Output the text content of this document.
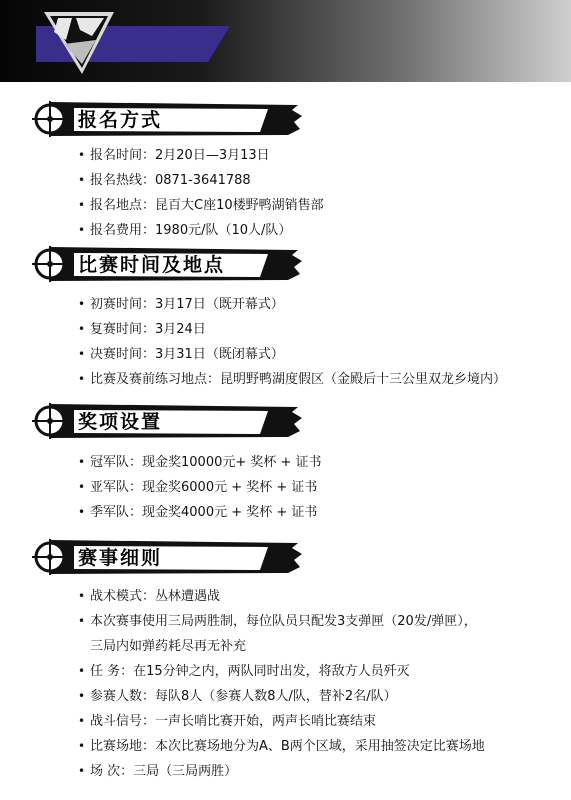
报名方式
• 报名时间：2月20日—3月13日
• 报名热线：0871-3641788
• 报名地点：昆百大C座10楼野鸭湖销售部
• 报名费用：1980元/队（10人/队）
比赛时间及地点
• 初赛时间：3月17日（既开幕式）
• 复赛时间：3月24日
• 决赛时间：3月31日（既闭幕式）
• 比赛及赛前练习地点：昆明野鸭湖度假区（金殿后十三公里双龙乡境内）
奖项设置
• 冠军队：现金奖10000元+ 奖杯 + 证书
• 亚军队：现金奖6000元 + 奖杯 + 证书
• 季军队：现金奖4000元 + 奖杯 + 证书
赛事细则
• 战术模式：丛林遭遇战
• 本次赛事使用三局两胜制，每位队员只配发3支弹匣（20发/弹匣），
三局内如弹药耗尽再无补充
• 任 务：在15分钟之内，两队同时出发，将敌方人员歼灭
• 参赛人数：每队8人（参赛人数8人/队，替补2名/队）
• 战斗信号：一声长哨比赛开始，两声长哨比赛结束
• 比赛场地：本次比赛场地分为A、B两个区域，采用抽签决定比赛场地
• 场 次：三局（三局两胜）
